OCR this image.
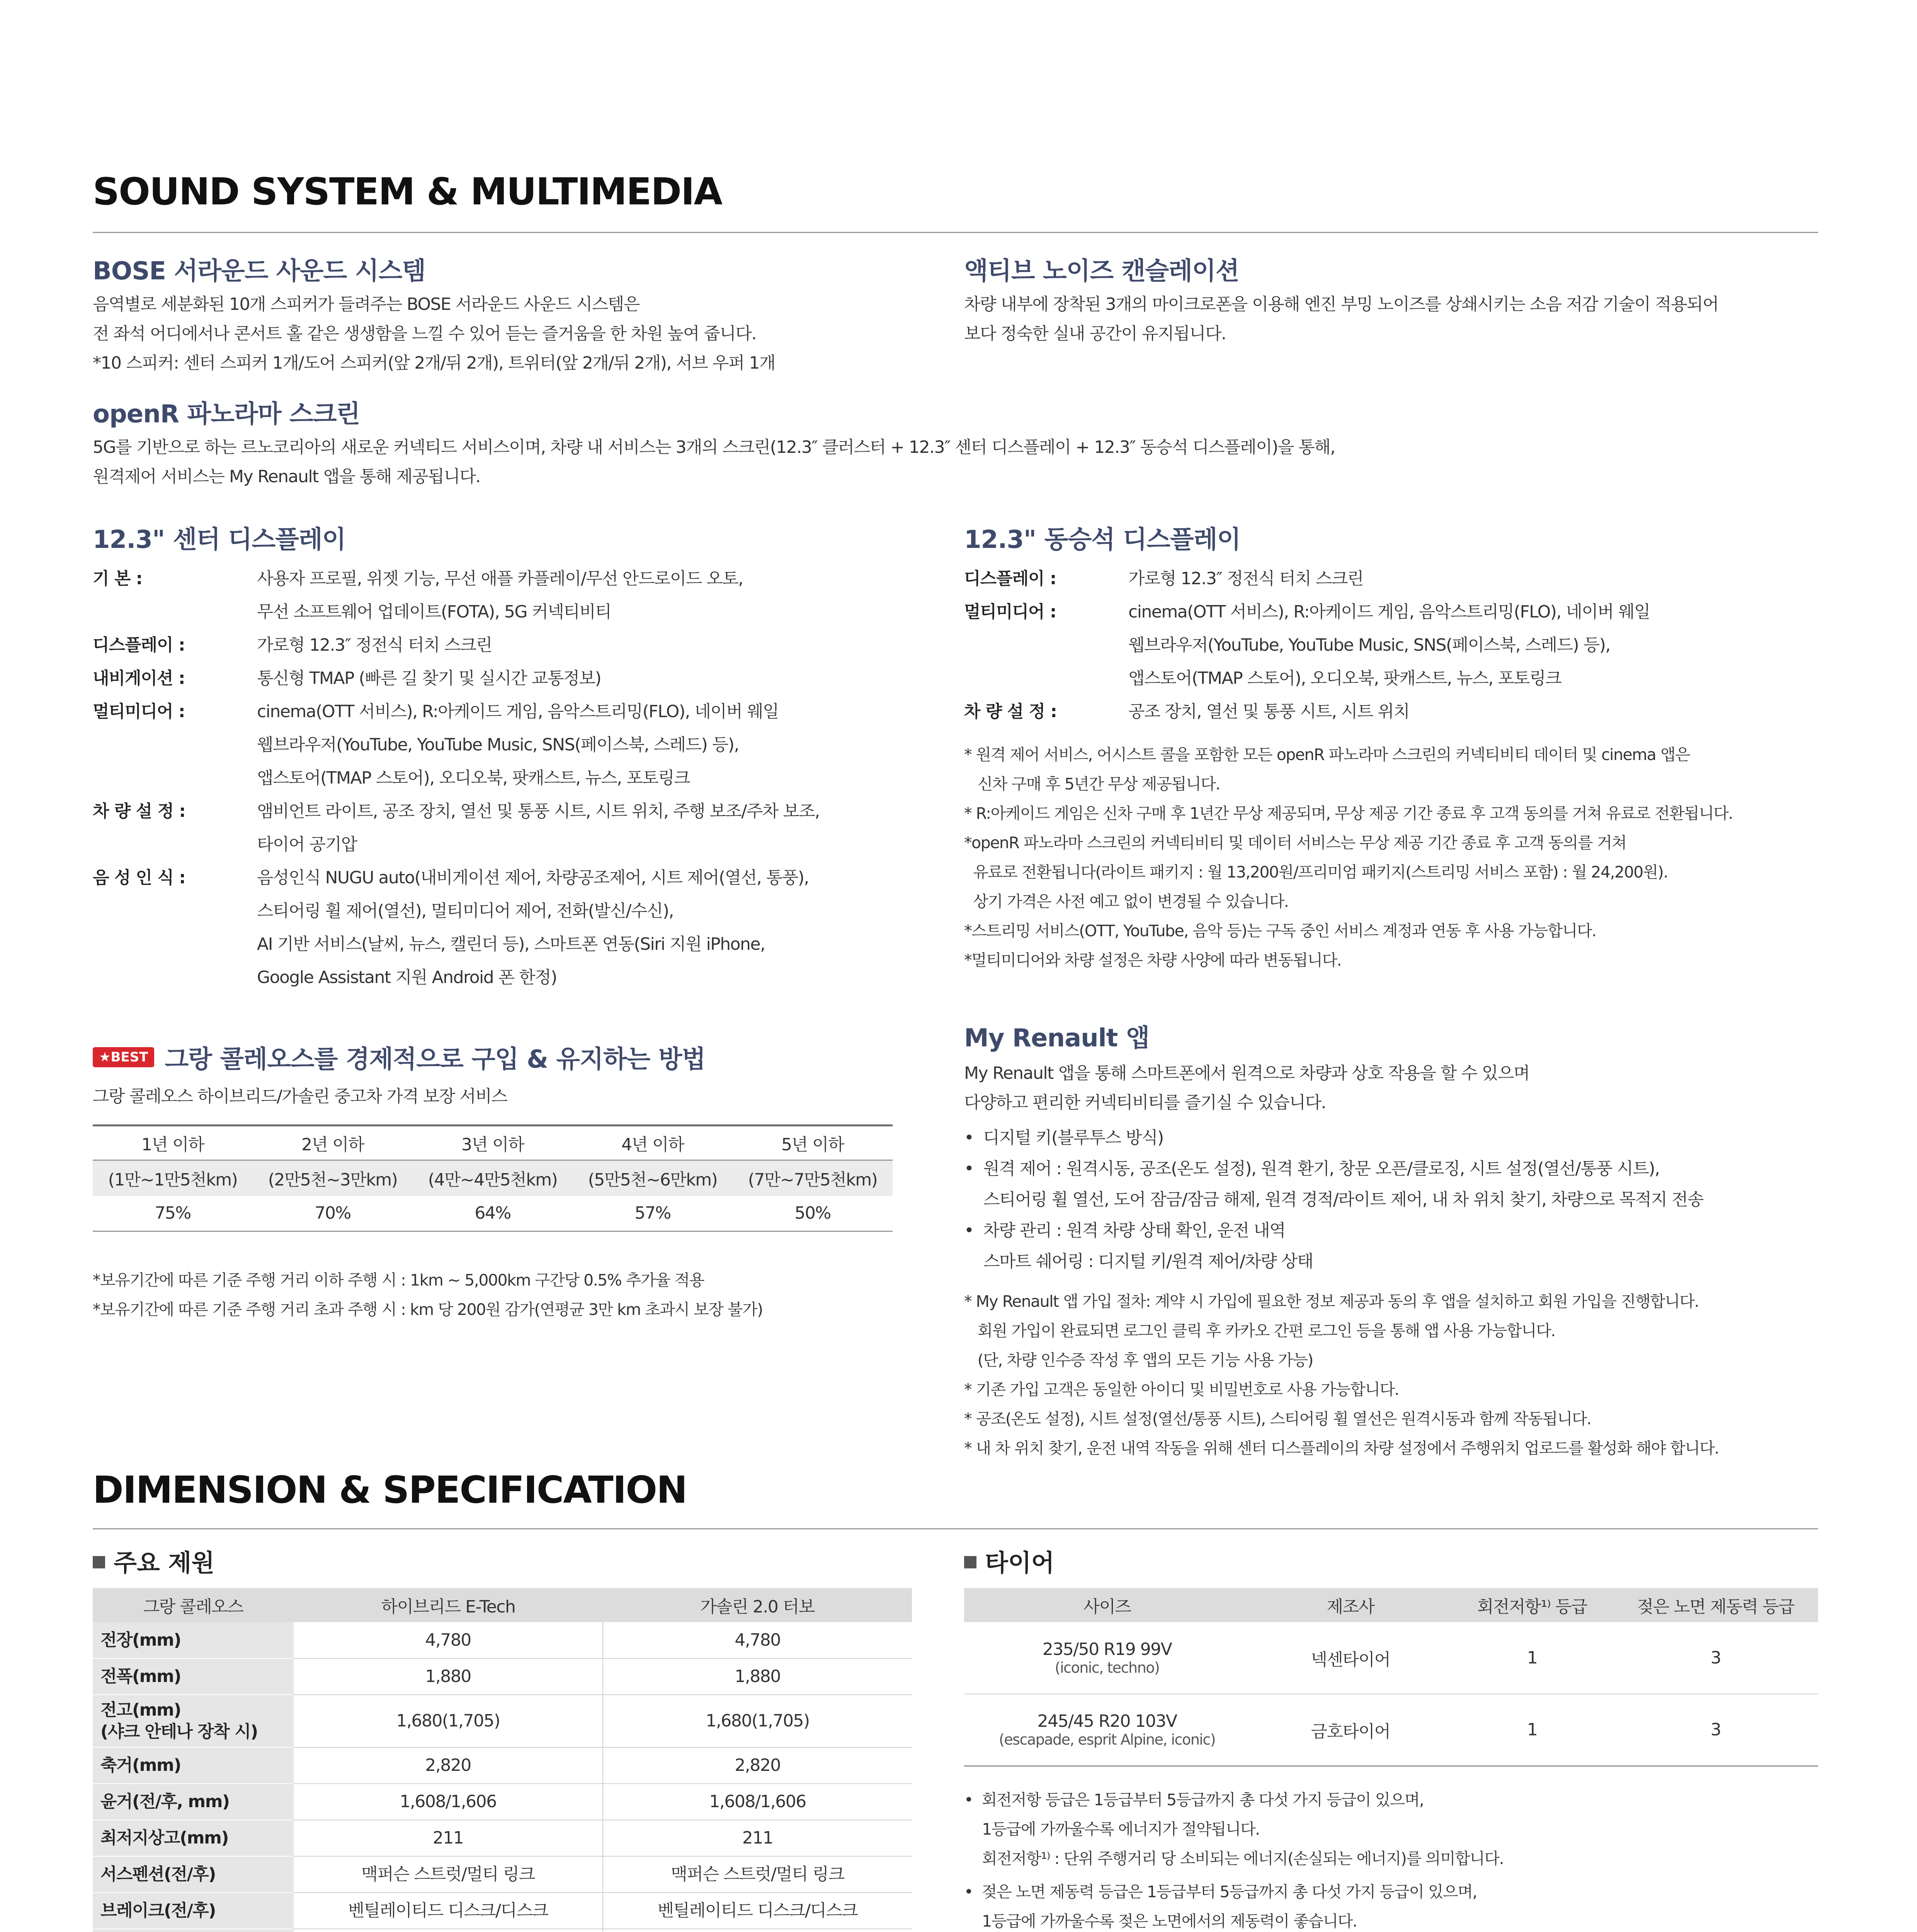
SOUND SYSTEM & MULTIMEDIA
BOSE 서라운드 사운드 시스템
음역별로 세분화된 10개 스피커가 들려주는 BOSE 서라운드 사운드 시스템은
전 좌석 어디에서나 콘서트 홀 같은 생생함을 느낄 수 있어 듣는 즐거움을 한 차원 높여 줍니다.
*10 스피커: 센터 스피커 1개/도어 스피커(앞 2개/뒤 2개), 트위터(앞 2개/뒤 2개), 서브 우퍼 1개
액티브 노이즈 캔슬레이션
차량 내부에 장착된 3개의 마이크로폰을 이용해 엔진 부밍 노이즈를 상쇄시키는 소음 저감 기술이 적용되어
보다 정숙한 실내 공간이 유지됩니다.
openR 파노라마 스크린
5G를 기반으로 하는 르노코리아의 새로운 커넥티드 서비스이며, 차량 내 서비스는 3개의 스크린(12.3″ 클러스터 + 12.3″ 센터 디스플레이 + 12.3″ 동승석 디스플레이)을 통해,
원격제어 서비스는 My Renault 앱을 통해 제공됩니다.
12.3" 센터 디스플레이
기 본 :	사용자 프로필, 위젯 기능, 무선 애플 카플레이/무선 안드로이드 오토,
무선 소프트웨어 업데이트(FOTA), 5G 커넥티비티
디스플레이 :	가로형 12.3″ 정전식 터치 스크린
내비게이션 :	통신형 TMAP (빠른 길 찾기 및 실시간 교통정보)
멀티미디어 :	cinema(OTT 서비스), R:아케이드 게임, 음악스트리밍(FLO), 네이버 웨일
웹브라우저(YouTube, YouTube Music, SNS(페이스북, 스레드) 등),
앱스토어(TMAP 스토어), 오디오북, 팟캐스트, 뉴스, 포토링크
차 량 설 정 :	앰비언트 라이트, 공조 장치, 열선 및 통풍 시트, 시트 위치, 주행 보조/주차 보조,
타이어 공기압
음 성 인 식 :	음성인식 NUGU auto(내비게이션 제어, 차량공조제어, 시트 제어(열선, 통풍),
스티어링 휠 제어(열선), 멀티미디어 제어, 전화(발신/수신),
AI 기반 서비스(날씨, 뉴스, 캘린더 등), 스마트폰 연동(Siri 지원 iPhone,
Google Assistant 지원 Android 폰 한정)
12.3" 동승석 디스플레이
디스플레이 :	가로형 12.3″ 정전식 터치 스크린
멀티미디어 :	cinema(OTT 서비스), R:아케이드 게임, 음악스트리밍(FLO), 네이버 웨일
웹브라우저(YouTube, YouTube Music, SNS(페이스북, 스레드) 등),
앱스토어(TMAP 스토어), 오디오북, 팟캐스트, 뉴스, 포토링크
차 량 설 정 :	공조 장치, 열선 및 통풍 시트, 시트 위치
* 원격 제어 서비스, 어시스트 콜을 포함한 모든 openR 파노라마 스크린의 커넥티비티 데이터 및 cinema 앱은
신차 구매 후 5년간 무상 제공됩니다.
* R:아케이드 게임은 신차 구매 후 1년간 무상 제공되며, 무상 제공 기간 종료 후 고객 동의를 거쳐 유료로 전환됩니다.
*openR 파노라마 스크린의 커넥티비티 및 데이터 서비스는 무상 제공 기간 종료 후 고객 동의를 거쳐
유료로 전환됩니다(라이트 패키지 : 월 13,200원/프리미엄 패키지(스트리밍 서비스 포함) : 월 24,200원).
상기 가격은 사전 예고 없이 변경될 수 있습니다.
*스트리밍 서비스(OTT, YouTube, 음악 등)는 구독 중인 서비스 계정과 연동 후 사용 가능합니다.
*멀티미디어와 차량 설정은 차량 사양에 따라 변동됩니다.
★BEST 그랑 콜레오스를 경제적으로 구입 & 유지하는 방법
그랑 콜레오스 하이브리드/가솔린 중고차 가격 보장 서비스
1년 이하	2년 이하	3년 이하	4년 이하	5년 이하
(1만~1만5천km)	(2만5천~3만km)	(4만~4만5천km)	(5만5천~6만km)	(7만~7만5천km)
75%	70%	64%	57%	50%
*보유기간에 따른 기준 주행 거리 이하 주행 시 : 1km ~ 5,000km 구간당 0.5% 추가율 적용
*보유기간에 따른 기준 주행 거리 초과 주행 시 : km 당 200원 감가(연평균 3만 km 초과시 보장 불가)
My Renault 앱
My Renault 앱을 통해 스마트폰에서 원격으로 차량과 상호 작용을 할 수 있으며
다양하고 편리한 커넥티비티를 즐기실 수 있습니다.
•  디지털 키(블루투스 방식)
•  원격 제어 : 원격시동, 공조(온도 설정), 원격 환기, 창문 오픈/클로징, 시트 설정(열선/통풍 시트),
스티어링 휠 열선, 도어 잠금/잠금 해제, 원격 경적/라이트 제어, 내 차 위치 찾기, 차량으로 목적지 전송
•  차량 관리 : 원격 차량 상태 확인, 운전 내역
스마트 쉐어링 : 디지털 키/원격 제어/차량 상태
* My Renault 앱 가입 절차: 계약 시 가입에 필요한 정보 제공과 동의 후 앱을 설치하고 회원 가입을 진행합니다.
회원 가입이 완료되면 로그인 클릭 후 카카오 간편 로그인 등을 통해 앱 사용 가능합니다.
(단, 차량 인수증 작성 후 앱의 모든 기능 사용 가능)
* 기존 가입 고객은 동일한 아이디 및 비밀번호로 사용 가능합니다.
* 공조(온도 설정), 시트 설정(열선/통풍 시트), 스티어링 휠 열선은 원격시동과 함께 작동됩니다.
* 내 차 위치 찾기, 운전 내역 작동을 위해 센터 디스플레이의 차량 설정에서 주행위치 업로드를 활성화 해야 합니다.
DIMENSION & SPECIFICATION
주요 제원
그랑 콜레오스	하이브리드 E-Tech	가솔린 2.0 터보
전장(mm)	4,780	4,780
전폭(mm)	1,880	1,880
전고(mm)
(샤크 안테나 장착 시)	1,680(1,705)	1,680(1,705)
축거(mm)	2,820	2,820
윤거(전/후, mm)	1,608/1,606	1,608/1,606
최저지상고(mm)	211	211
서스펜션(전/후)	맥퍼슨 스트럿/멀티 링크	맥퍼슨 스트럿/멀티 링크
브레이크(전/후)	벤틸레이티드 디스크/디스크	벤틸레이티드 디스크/디스크

타이어
사이즈	제조사	회전저항¹⁾ 등급	젖은 노면 제동력 등급

235/50 R19 99V
(iconic, techno)	넥센타이어	1	3

245/45 R20 103V
(escapade, esprit Alpine, iconic)	금호타이어	1	3
•  회전저항 등급은 1등급부터 5등급까지 총 다섯 가지 등급이 있으며,
1등급에 가까울수록 에너지가 절약됩니다.
회전저항¹⁾ : 단위 주행거리 당 소비되는 에너지(손실되는 에너지)를 의미합니다.
•  젖은 노면 제동력 등급은 1등급부터 5등급까지 총 다섯 가지 등급이 있으며,
1등급에 가까울수록 젖은 노면에서의 제동력이 좋습니다.
